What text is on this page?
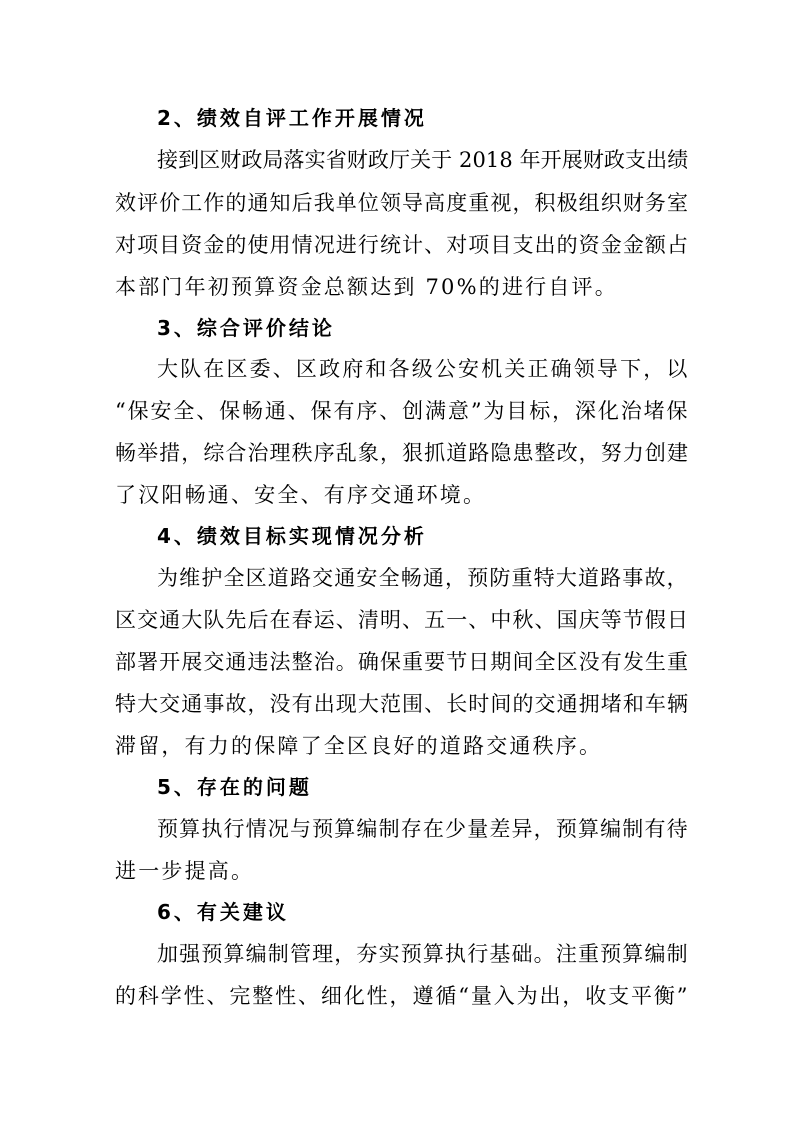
2、绩效自评工作开展情况
接到区财政局落实省财政厅关于 2018 年开展财政支出绩
效评价工作的通知后我单位领导高度重视，积极组织财务室
对项目资金的使用情况进行统计、对项目支出的资金金额占
本部门年初预算资金总额达到 70%的进行自评。
3、综合评价结论
大队在区委、区政府和各级公安机关正确领导下，以
“保安全、保畅通、保有序、创满意”为目标，深化治堵保
畅举措，综合治理秩序乱象，狠抓道路隐患整改，努力创建
了汉阳畅通、安全、有序交通环境。
4、绩效目标实现情况分析
为维护全区道路交通安全畅通，预防重特大道路事故，
区交通大队先后在春运、清明、五一、中秋、国庆等节假日
部署开展交通违法整治。确保重要节日期间全区没有发生重
特大交通事故，没有出现大范围、长时间的交通拥堵和车辆
滞留，有力的保障了全区良好的道路交通秩序。
5、存在的问题
预算执行情况与预算编制存在少量差异，预算编制有待
进一步提高。
6、有关建议
加强预算编制管理，夯实预算执行基础。注重预算编制
的科学性、完整性、细化性，遵循“量入为出，收支平衡”
